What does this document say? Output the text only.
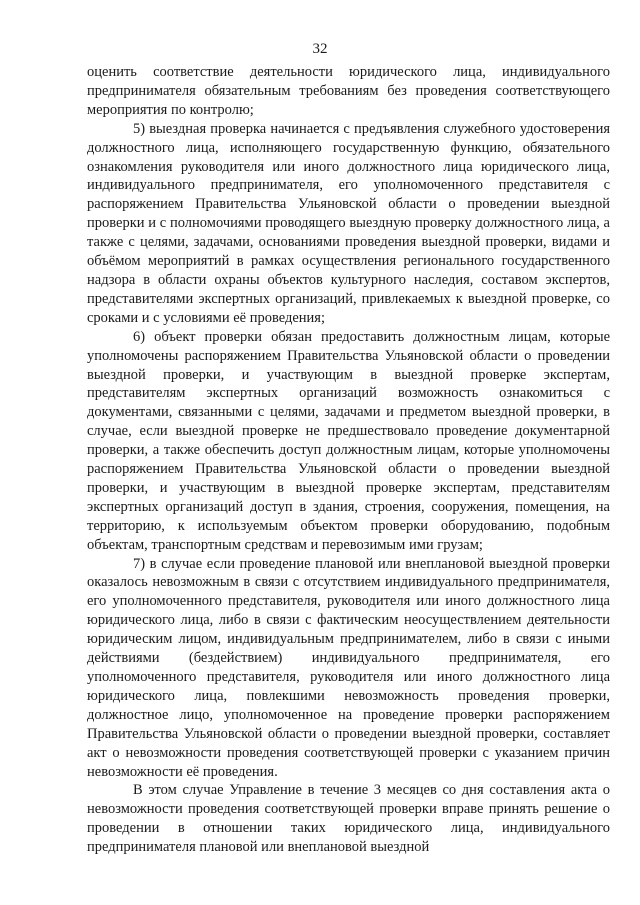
32

оценить соответствие деятельности юридического лица, индивидуального предпринимателя обязательным требованиям без проведения соответствующего мероприятия по контролю;

5) выездная проверка начинается с предъявления служебного удостоверения должностного лица, исполняющего государственную функцию, обязательного ознакомления руководителя или иного должностного лица юридического лица, индивидуального предпринимателя, его уполномоченного представителя с распоряжением Правительства Ульяновской области о проведении выездной проверки и с полномочиями проводящего выездную проверку должностного лица, а также с целями, задачами, основаниями проведения выездной проверки, видами и объёмом мероприятий в рамках осуществления регионального государственного надзора в области охраны объектов культурного наследия, составом экспертов, представителями экспертных организаций, привлекаемых к выездной проверке, со сроками и с условиями её проведения;

6) объект проверки обязан предоставить должностным лицам, которые уполномочены распоряжением Правительства Ульяновской области о проведении выездной проверки, и участвующим в выездной проверке экспертам, представителям экспертных организаций возможность ознакомиться с документами, связанными с целями, задачами и предметом выездной проверки, в случае, если выездной проверке не предшествовало проведение документарной проверки, а также обеспечить доступ должностным лицам, которые уполномочены распоряжением Правительства Ульяновской области о проведении выездной проверки, и участвующим в выездной проверке экспертам, представителям экспертных организаций доступ в здания, строения, сооружения, помещения, на территорию, к используемым объектом проверки оборудованию, подобным объектам, транспортным средствам и перевозимым ими грузам;

7) в случае если проведение плановой или внеплановой выездной проверки оказалось невозможным в связи с отсутствием индивидуального предпринимателя, его уполномоченного представителя, руководителя или иного должностного лица юридического лица, либо в связи с фактическим неосуществлением деятельности юридическим лицом, индивидуальным предпринимателем, либо в связи с иными действиями (бездействием) индивидуального предпринимателя, его уполномоченного представителя, руководителя или иного должностного лица юридического лица, повлекшими невозможность проведения проверки, должностное лицо, уполномоченное на проведение проверки распоряжением Правительства Ульяновской области о проведении выездной проверки, составляет акт о невозможности проведения соответствующей проверки с указанием причин невозможности её проведения.

В этом случае Управление в течение 3 месяцев со дня составления акта о невозможности проведения соответствующей проверки вправе принять решение о проведении в отношении таких юридического лица, индивидуального предпринимателя плановой или внеплановой выездной
